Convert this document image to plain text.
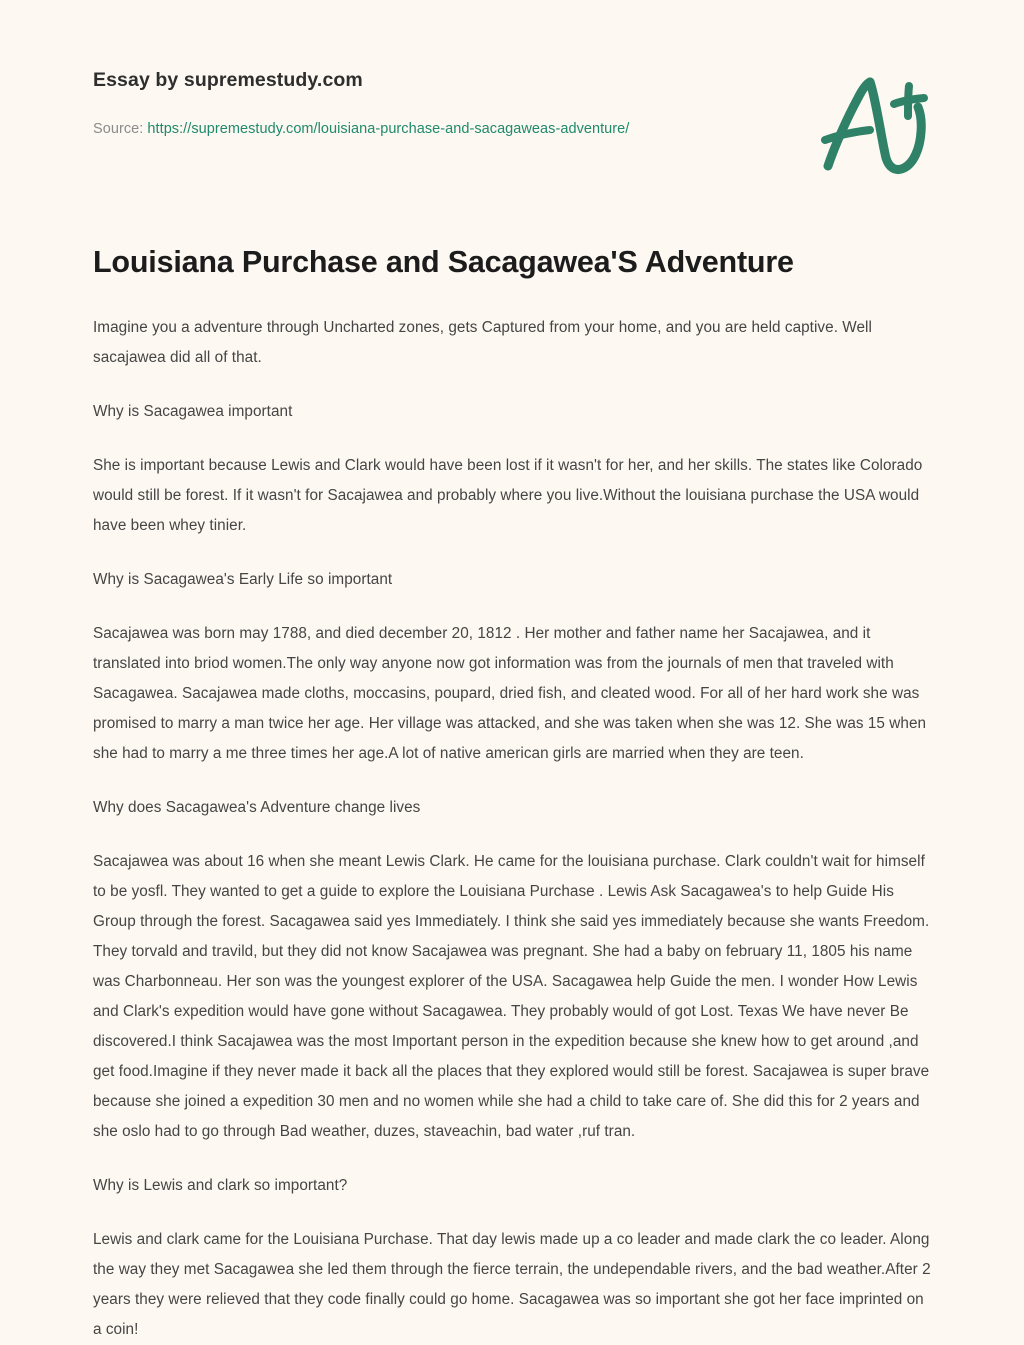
Essay by supremestudy.com
Source: https://supremestudy.com/louisiana-purchase-and-sacagaweas-adventure/
Louisiana Purchase and Sacagawea'S Adventure

Imagine you a adventure through Uncharted zones, gets Captured from your home, and you are held captive. Well sacajawea did all of that.

Why is Sacagawea important

She is important because Lewis and Clark would have been lost if it wasn't for her, and her skills. The states like Colorado would still be forest. If it wasn't for Sacajawea and probably where you live.Without the louisiana purchase the USA would have been whey tinier.

Why is Sacagawea's Early Life so important

Sacajawea was born may 1788, and died december 20, 1812 . Her mother and father name her Sacajawea, and it translated into briod women.The only way anyone now got information was from the journals of men that traveled with Sacagawea. Sacajawea made cloths, moccasins, poupard, dried fish, and cleated wood. For all of her hard work she was promised to marry a man twice her age. Her village was attacked, and she was taken when she was 12. She was 15 when she had to marry a me three times her age.A lot of native american girls are married when they are teen.

Why does Sacagawea's Adventure change lives

Sacajawea was about 16 when she meant Lewis Clark. He came for the louisiana purchase. Clark couldn't wait for himself to be yosfl. They wanted to get a guide to explore the Louisiana Purchase . Lewis Ask Sacagawea's to help Guide His Group through the forest. Sacagawea said yes Immediately. I think she said yes immediately because she wants Freedom. They torvald and travild, but they did not know Sacajawea was pregnant. She had a baby on february 11, 1805 his name was Charbonneau. Her son was the youngest explorer of the USA. Sacagawea help Guide the men. I wonder How Lewis and Clark's expedition would have gone without Sacagawea. They probably would of got Lost. Texas We have never Be discovered.I think Sacajawea was the most Important person in the expedition because she knew how to get around ,and get food.Imagine if they never made it back all the places that they explored would still be forest. Sacajawea is super brave because she joined a expedition 30 men and no women while she had a child to take care of. She did this for 2 years and she oslo had to go through Bad weather, duzes, staveachin, bad water ,ruf tran.

Why is Lewis and clark so important?

Lewis and clark came for the Louisiana Purchase. That day lewis made up a co leader and made clark the co leader. Along the way they met Sacagawea she led them through the fierce terrain, the undependable rivers, and the bad weather.After 2 years they were relieved that they code finally could go home. Sacagawea was so important she got her face imprinted on a coin!
